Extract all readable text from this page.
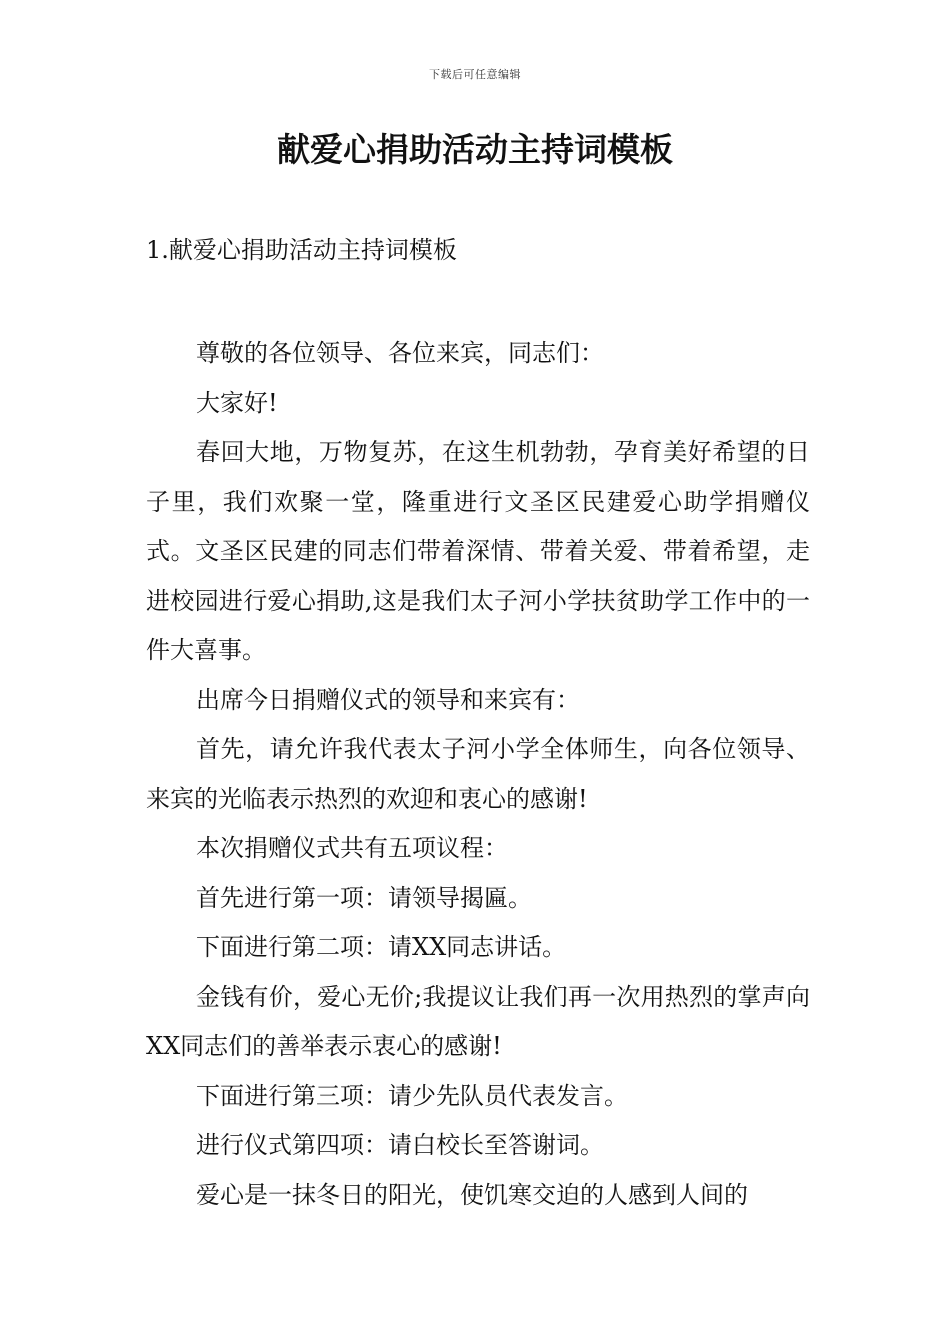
下载后可任意编辑
献爱心捐助活动主持词模板
1.献爱心捐助活动主持词模板

尊敬的各位领导、各位来宾，同志们：

大家好!

春回大地，万物复苏，在这生机勃勃，孕育美好希望的日子里，我们欢聚一堂，隆重进行文圣区民建爱心助学捐赠仪式。文圣区民建的同志们带着深情、带着关爱、带着希望，走进校园进行爱心捐助,这是我们太子河小学扶贫助学工作中的一件大喜事。

出席今日捐赠仪式的领导和来宾有：

首先，请允许我代表太子河小学全体师生，向各位领导、来宾的光临表示热烈的欢迎和衷心的感谢!

本次捐赠仪式共有五项议程：

首先进行第一项：请领导揭匾。

下面进行第二项：请XX同志讲话。

金钱有价，爱心无价;我提议让我们再一次用热烈的掌声向XX同志们的善举表示衷心的感谢!

下面进行第三项：请少先队员代表发言。

进行仪式第四项：请白校长至答谢词。

爱心是一抹冬日的阳光，使饥寒交迫的人感到人间的
